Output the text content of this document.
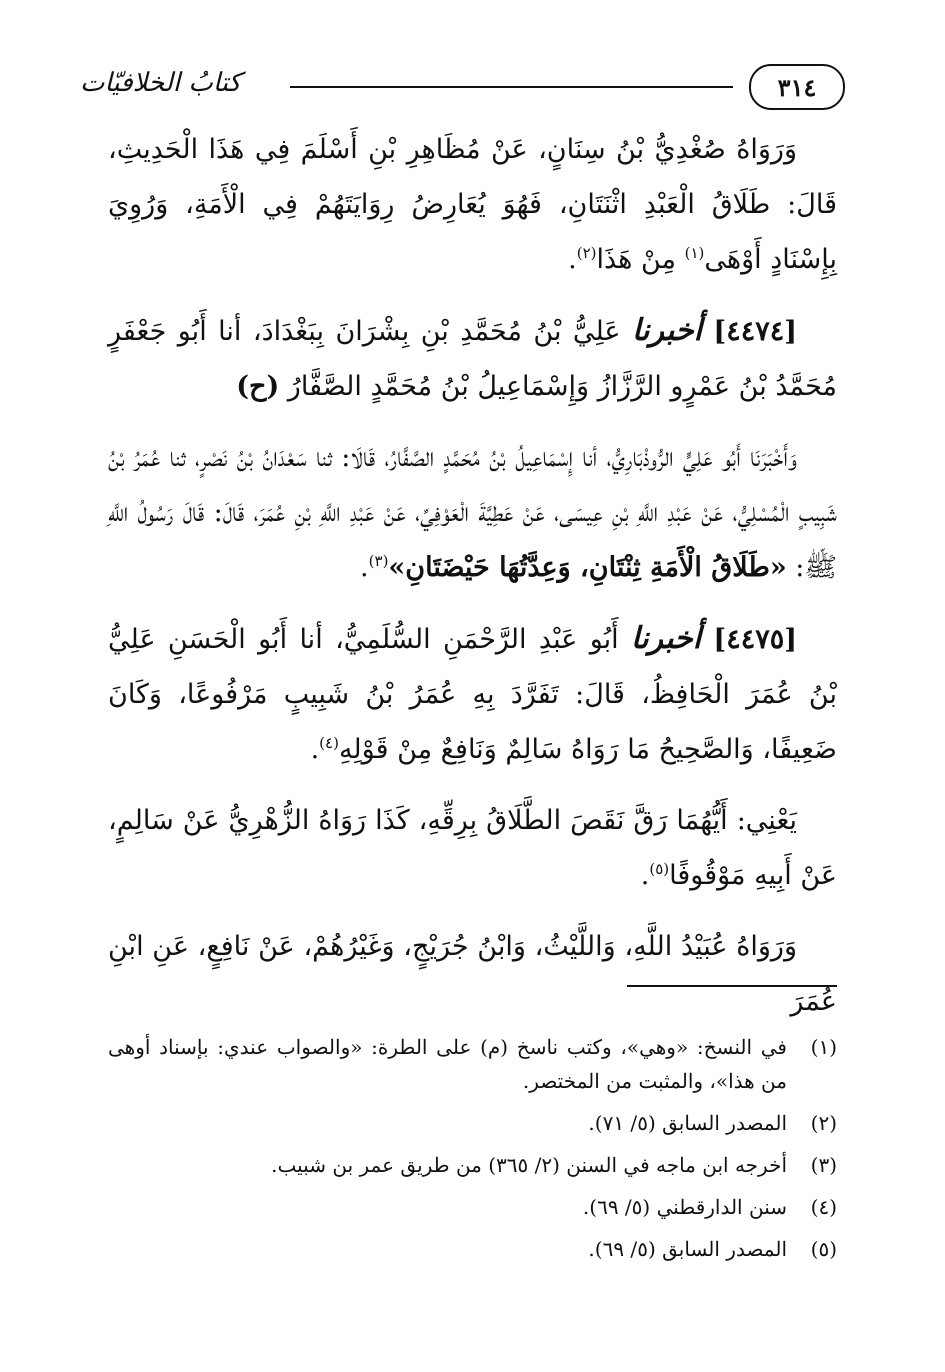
٣١٤
كتابُ الخلافيّات

وَرَوَاهُ صُغْدِيُّ بْنُ سِنَانٍ، عَنْ مُظَاهِرِ بْنِ أَسْلَمَ فِي هَذَا الْحَدِيثِ، قَالَ: طَلَاقُ الْعَبْدِ اثْنَتَانِ، فَهُوَ يُعَارِضُ رِوَايَتَهُمْ فِي الْأَمَةِ، وَرُوِيَ بِإِسْنَادٍ أَوْهَى$^{(١)}$ مِنْ هَذَا$^{(٢)}$.

[٤٤٧٤] أخبرنا عَلِيُّ بْنُ مُحَمَّدِ بْنِ بِشْرَانَ بِبَغْدَادَ، أنا أَبُو جَعْفَرٍ مُحَمَّدُ بْنُ عَمْرٍو الرَّزَّازُ وَإِسْمَاعِيلُ بْنُ مُحَمَّدٍ الصَّفَّارُ (ح)

وَأَخْبَرَنَا أَبُو عَلِيٍّ الرُّوذْبَارِيُّ، أنا إِسْمَاعِيلُ بْنُ مُحَمَّدٍ الصَّفَّارُ، قَالَا: ثنا سَعْدَانُ بْنُ نَصْرٍ، ثنا عُمَرُ بْنُ شَبِيبٍ الْمُسْلِيُّ، عَنْ عَبْدِ اللَّهِ بْنِ عِيسَى، عَنْ عَطِيَّةَ الْعَوْفِيِّ، عَنْ عَبْدِ اللَّهِ بْنِ عُمَرَ، قَالَ: قَالَ رَسُولُ اللَّهِ ﷺ: «طَلَاقُ الْأَمَةِ ثِنْتَانِ، وَعِدَّتُهَا حَيْضَتَانِ»$^{(٣)}$.

[٤٤٧٥] أخبرنا أَبُو عَبْدِ الرَّحْمَنِ السُّلَمِيُّ، أنا أَبُو الْحَسَنِ عَلِيُّ بْنُ عُمَرَ الْحَافِظُ، قَالَ: تَفَرَّدَ بِهِ عُمَرُ بْنُ شَبِيبٍ مَرْفُوعًا، وَكَانَ ضَعِيفًا، وَالصَّحِيحُ مَا رَوَاهُ سَالِمٌ وَنَافِعٌ مِنْ قَوْلِهِ$^{(٤)}$.

يَعْنِي: أَيُّهُمَا رَقَّ نَقَصَ الطَّلَاقُ بِرِقِّهِ، كَذَا رَوَاهُ الزُّهْرِيُّ عَنْ سَالِمٍ، عَنْ أَبِيهِ مَوْقُوفًا$^{(٥)}$.

وَرَوَاهُ عُبَيْدُ اللَّهِ، وَاللَّيْثُ، وَابْنُ جُرَيْجٍ، وَغَيْرُهُمْ، عَنْ نَافِعٍ، عَنِ ابْنِ عُمَرَ

(١)
في النسخ: «وهي»، وكتب ناسخ (م) على الطرة: «والصواب عندي: بإسناد أوهى من هذا»، والمثبت من المختصر.
(٢)
المصدر السابق (٥/ ٧١).
(٣)
أخرجه ابن ماجه في السنن (٢/ ٣٦٥) من طريق عمر بن شبيب.
(٤)
سنن الدارقطني (٥/ ٦٩).
(٥)
المصدر السابق (٥/ ٦٩).
